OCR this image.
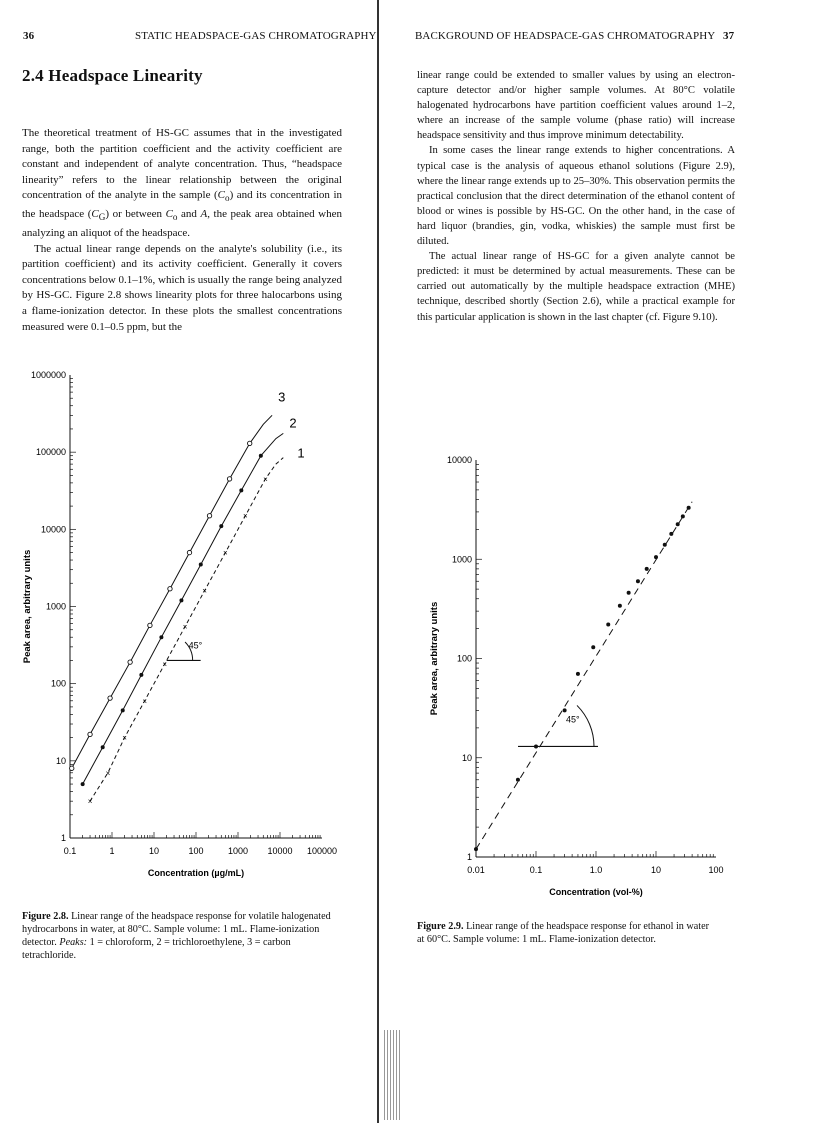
36	STATIC HEADSPACE-GAS CHROMATOGRAPHY
2.4 Headspace Linearity

The theoretical treatment of HS-GC assumes that in the investigated range, both the partition coefficient and the activity coefficient are constant and independent of analyte concentration. Thus, “headspace linearity” refers to the linear relationship between the original concentration of the analyte in the sample $(C_o)$ and its concentration in the headspace $(C_G)$ or between $C_o$ and A, the peak area obtained when analyzing an aliquot of the headspace.

The actual linear range depends on the analyte's solubility (i.e., its partition coefficient) and its activity coefficient. Generally it covers concentrations below 0.1–1%, which is usually the range being analyzed by HS-GC. Figure 2.8 shows linearity plots for three halocarbons using a flame-ionization detector. In these plots the smallest concentrations measured were 0.1–0.5 ppm, but the

0.1	1	10	100	1000 10000 100000
1
10
100
1000
10000
100000
1000000
Concentration (µg/mL)
Peak area, arbitrary units
×
×
×
×
×
×
×
×
×
×
1
2
3
45°
Figure 2.8. Linear range of the headspace response for volatile halogenated hydrocarbons in water, at 80°C. Sample volume: 1 mL. Flame-ionization detector. Peaks: 1 = chloroform, 2 = trichloroethylene, 3 = carbon tetrachloride.
BACKGROUND OF HEADSPACE-GAS CHROMATOGRAPHY 37

linear range could be extended to smaller values by using an electron-capture detector and/or higher sample volumes. At 80°C volatile halogenated hydrocarbons have partition coefficient values around 1–2, where an increase of the sample volume (phase ratio) will increase headspace sensitivity and thus improve minimum detectability.

In some cases the linear range extends to higher concentrations. A typical case is the analysis of aqueous ethanol solutions (Figure 2.9), where the linear range extends up to 25–30%. This observation permits the practical conclusion that the direct determination of the ethanol content of blood or wines is possible by HS-GC. On the other hand, in the case of hard liquor (brandies, gin, vodka, whiskies) the sample must first be diluted.

The actual linear range of HS-GC for a given analyte cannot be predicted: it must be determined by actual measurements. These can be carried out automatically by the multiple headspace extraction (MHE) technique, described shortly (Section 2.6), while a practical example for this particular application is shown in the last chapter (cf. Figure 9.10).

0.01	0.1	1.0	10	100
1
10
100
1000
10000
Concentration (vol-%)
Peak area, arbitrary units
45°
Figure 2.9. Linear range of the headspace response for ethanol in water at 60°C. Sample volume: 1 mL. Flame-ionization detector.
